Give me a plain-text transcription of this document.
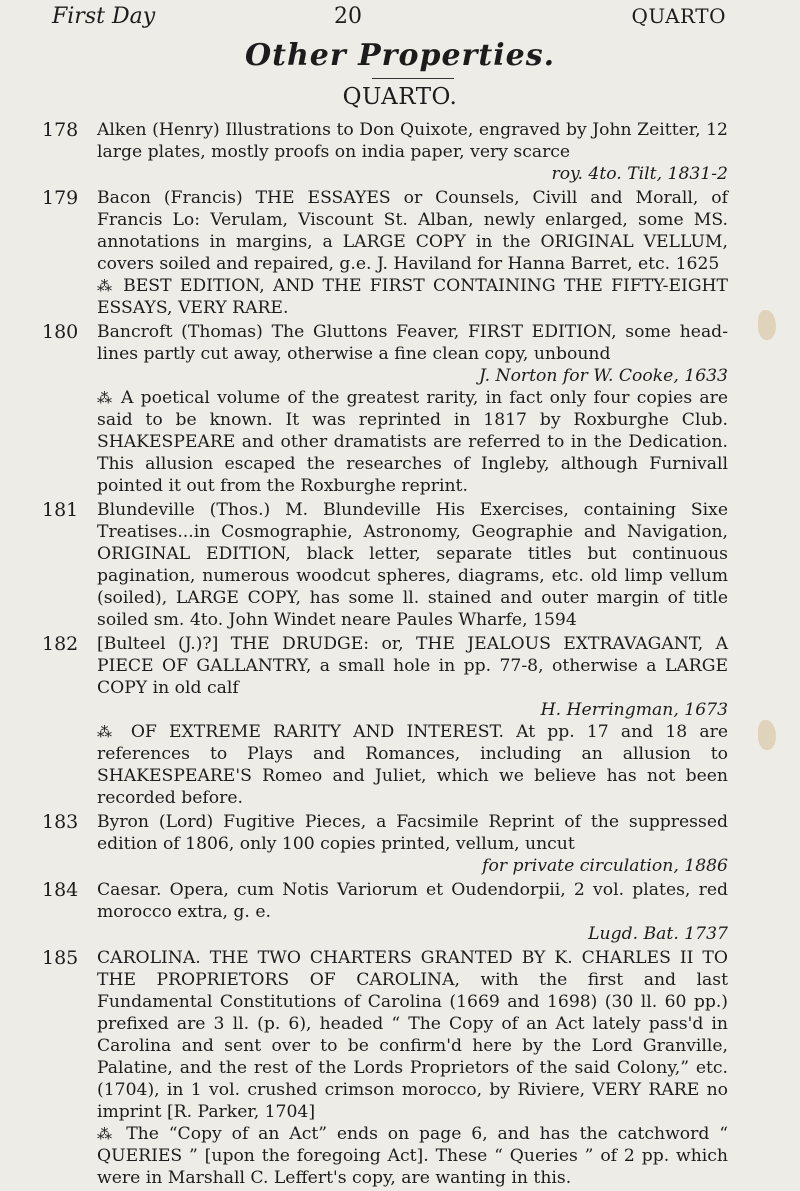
First Day	20	QUARTO
Other Properties.
QUARTO.
178 Alken (Henry) Illustrations to Don Quixote, engraved by John Zeitter, 12 large plates, mostly proofs on india paper, very scarce
roy. 4to. Tilt, 1831-2
179 Bacon (Francis) THE ESSAYES or Counsels, Civill and Morall, of Francis Lo: Verulam, Viscount St. Alban, newly enlarged, some MS. annotations in margins, a LARGE COPY in the ORIGINAL VELLUM, covers soiled and repaired, g.e. J. Haviland for Hanna Barret, etc. 1625
⁂ BEST EDITION, AND THE FIRST CONTAINING THE FIFTY-EIGHT ESSAYS, VERY RARE.
180 Bancroft (Thomas) The Gluttons Feaver, FIRST EDITION, some head-lines partly cut away, otherwise a fine clean copy, unbound
J. Norton for W. Cooke, 1633
⁂ A poetical volume of the greatest rarity, in fact only four copies are said to be known. It was reprinted in 1817 by Roxburghe Club. SHAKESPEARE and other dramatists are referred to in the Dedication. This allusion escaped the researches of Ingleby, although Furnivall pointed it out from the Roxburghe reprint.
181 Blundeville (Thos.) M. Blundeville His Exercises, containing Sixe Treatises...in Cosmographie, Astronomy, Geographie and Navigation, ORIGINAL EDITION, black letter, separate titles but continuous pagination, numerous woodcut spheres, diagrams, etc. old limp vellum (soiled), LARGE COPY, has some ll. stained and outer margin of title soiled sm. 4to. John Windet neare Paules Wharfe, 1594
182 [Bulteel (J.)?] THE DRUDGE: or, THE JEALOUS EXTRAVAGANT, A PIECE OF GALLANTRY, a small hole in pp. 77-8, otherwise a LARGE COPY in old calf
H. Herringman, 1673
⁂ OF EXTREME RARITY AND INTEREST. At pp. 17 and 18 are references to Plays and Romances, including an allusion to SHAKESPEARE'S Romeo and Juliet, which we believe has not been recorded before.
183 Byron (Lord) Fugitive Pieces, a Facsimile Reprint of the suppressed edition of 1806, only 100 copies printed, vellum, uncut
for private circulation, 1886
184 Caesar. Opera, cum Notis Variorum et Oudendorpii, 2 vol. plates, red morocco extra, g. e.
Lugd. Bat. 1737
185 CAROLINA. THE TWO CHARTERS GRANTED BY K. CHARLES II TO THE PROPRIETORS OF CAROLINA, with the first and last Fundamental Constitutions of Carolina (1669 and 1698) (30 ll. 60 pp.) prefixed are 3 ll. (p. 6), headed “ The Copy of an Act lately pass'd in Carolina and sent over to be confirm'd here by the Lord Granville, Palatine, and the rest of the Lords Proprietors of the said Colony,” etc. (1704), in 1 vol. crushed crimson morocco, by Riviere, VERY RARE no imprint [R. Parker, 1704]
⁂ The “Copy of an Act” ends on page 6, and has the catchword “ QUERIES ” [upon the foregoing Act]. These “ Queries ” of 2 pp. which were in Marshall C. Leffert's copy, are wanting in this.
